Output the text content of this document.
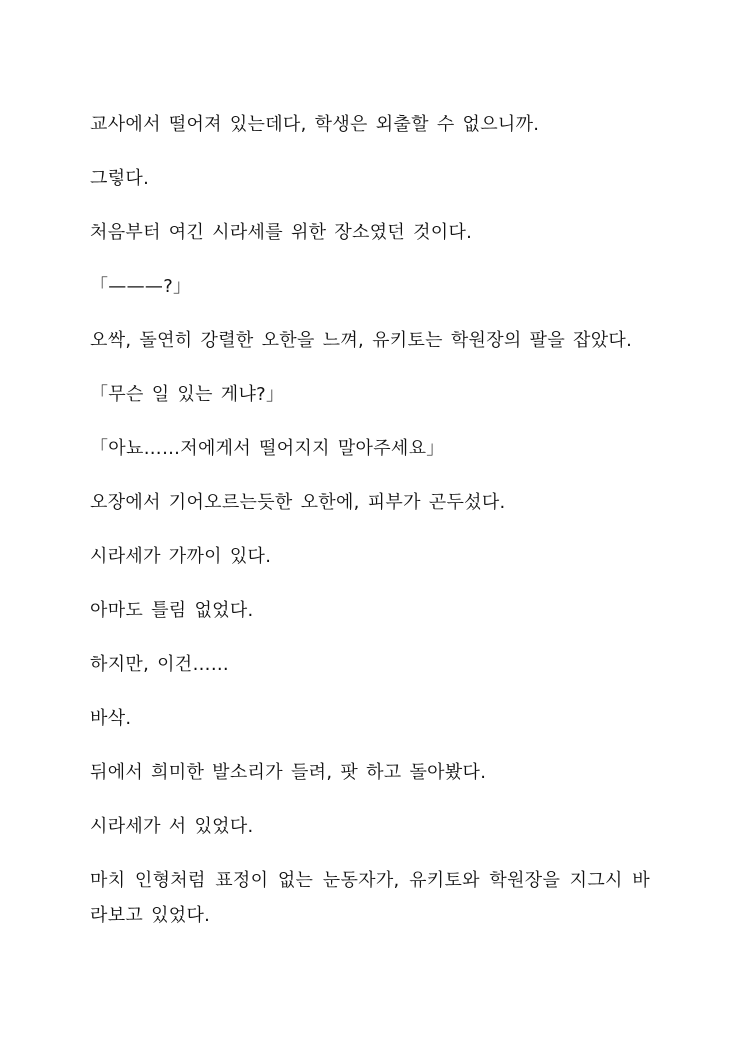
교사에서 떨어져 있는데다, 학생은 외출할 수 없으니까.

그렇다.

처음부터 여긴 시라세를 위한 장소였던 것이다.

「———?」

오싹, 돌연히 강렬한 오한을 느껴, 유키토는 학원장의 팔을 잡았다.

「무슨 일 있는 게냐?」

「아뇨……저에게서 떨어지지 말아주세요」

오장에서 기어오르는듯한 오한에, 피부가 곤두섰다.

시라세가 가까이 있다.

아마도 틀림 없었다.

하지만, 이건……

바삭.

뒤에서 희미한 발소리가 들려, 팟 하고 돌아봤다.

시라세가 서 있었다.

마치 인형처럼 표정이 없는 눈동자가, 유키토와 학원장을 지그시 바라보고 있었다.
